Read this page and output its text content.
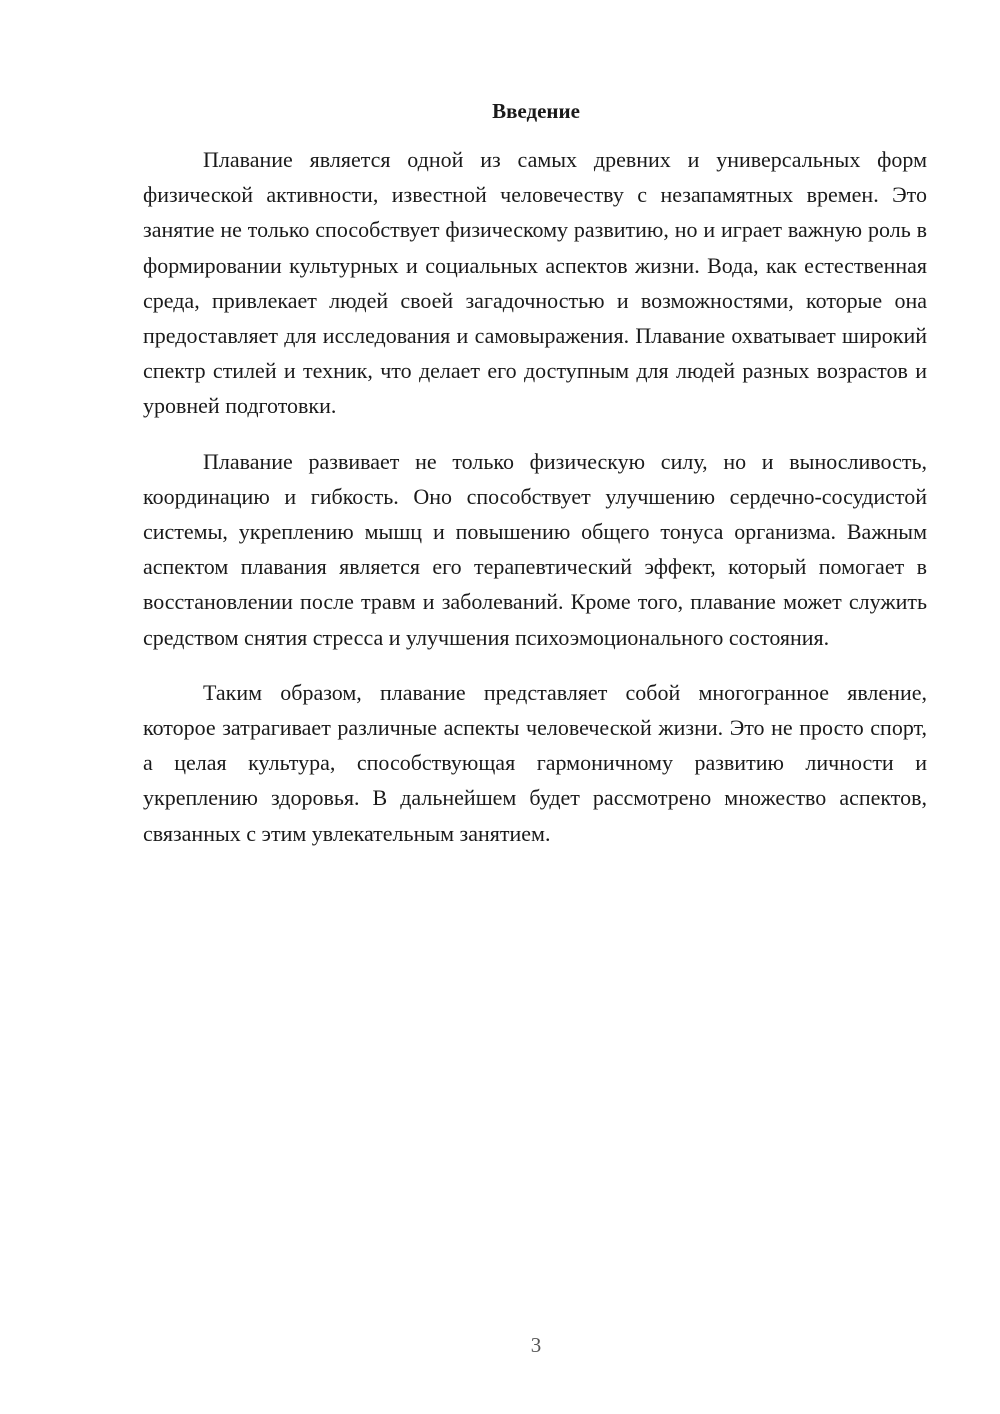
Введение

Плавание является одной из самых древних и универсальных форм физической активности, известной человечеству с незапамятных времен. Это занятие не только способствует физическому развитию, но и играет важную роль в формировании культурных и социальных аспектов жизни. Вода, как естественная среда, привлекает людей своей загадочностью и возможностями, которые она предоставляет для исследования и самовыражения. Плавание охватывает широкий спектр стилей и техник, что делает его доступным для людей разных возрастов и уровней подготовки.

Плавание развивает не только физическую силу, но и выносливость, координацию и гибкость. Оно способствует улучшению сердечно-сосудистой системы, укреплению мышц и повышению общего тонуса организма. Важным аспектом плавания является его терапевтический эффект, который помогает в восстановлении после травм и заболеваний. Кроме того, плавание может служить средством снятия стресса и улучшения психоэмоционального состояния.

Таким образом, плавание представляет собой многогранное явление, которое затрагивает различные аспекты человеческой жизни. Это не просто спорт, а целая культура, способствующая гармоничному развитию личности и укреплению здоровья. В дальнейшем будет рассмотрено множество аспектов, связанных с этим увлекательным занятием.

3
